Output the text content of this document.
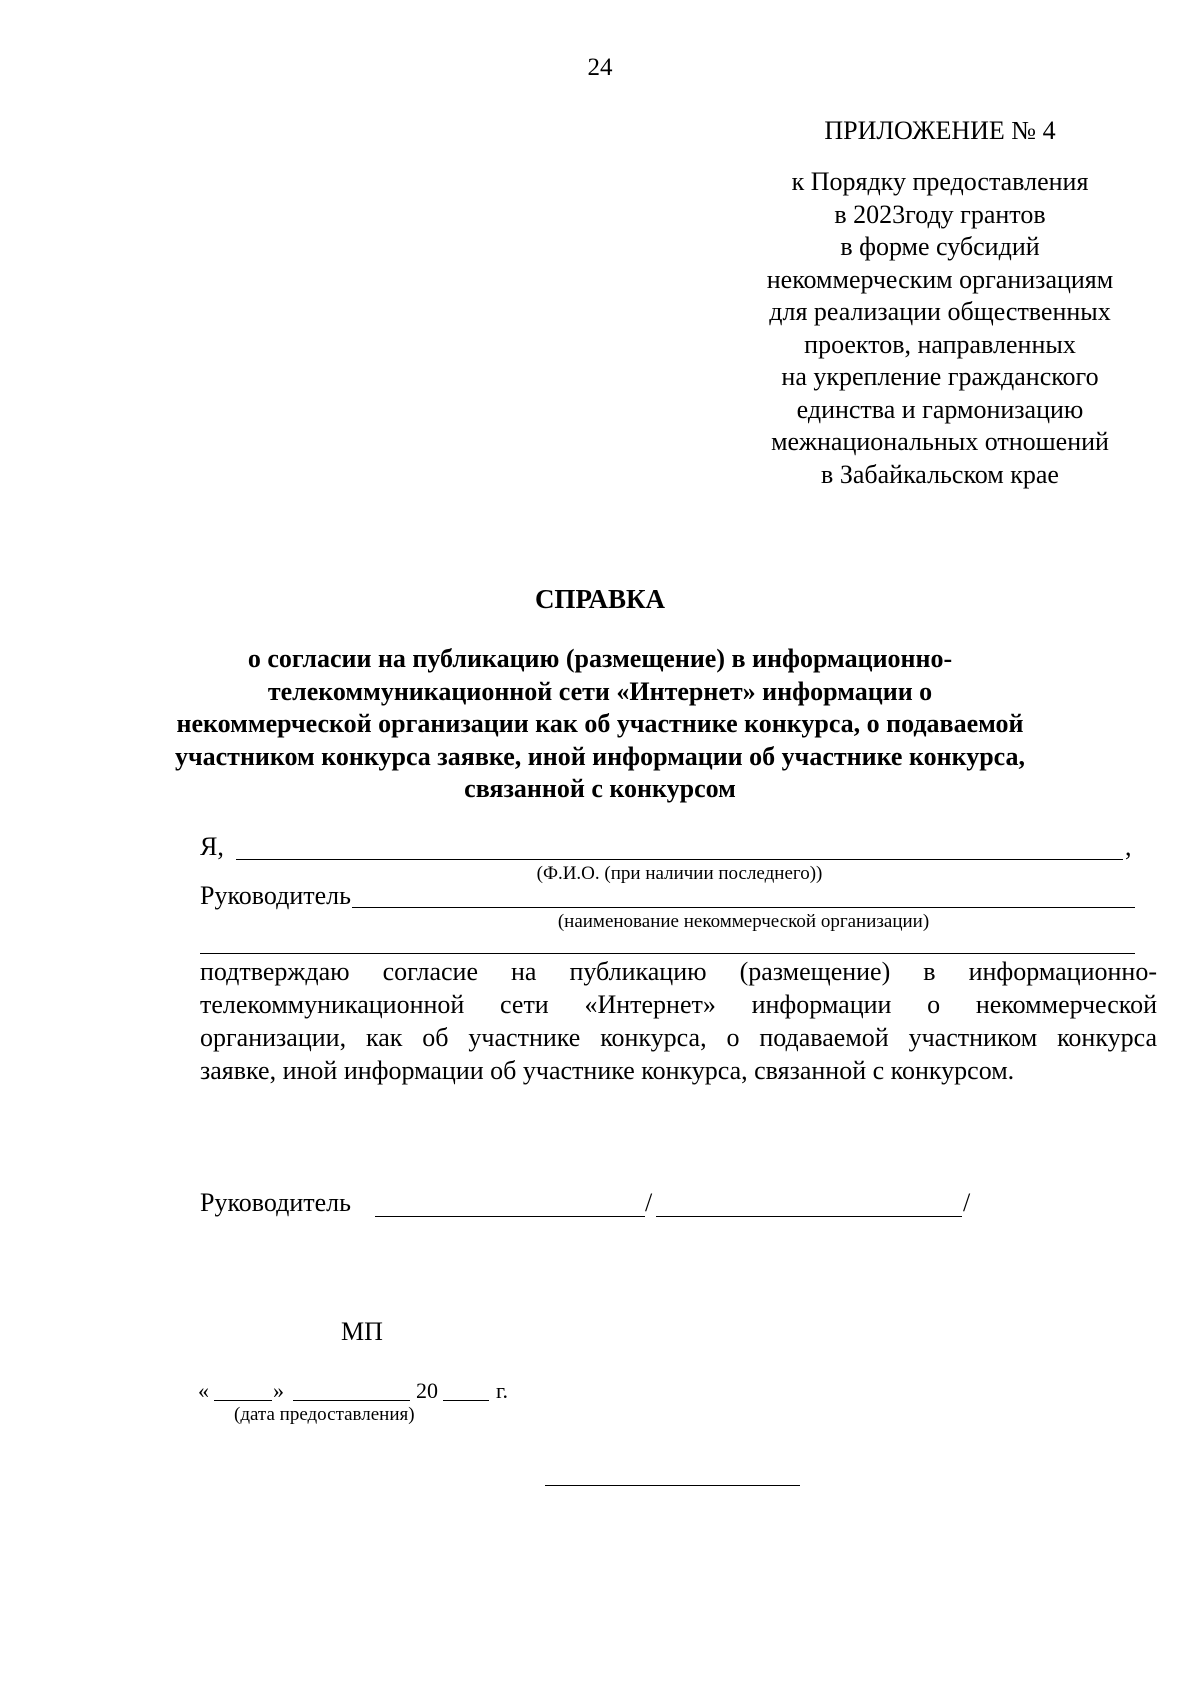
24
ПРИЛОЖЕНИЕ № 4
к Порядку предоставления
в 2023году грантов
в форме субсидий
некоммерческим организациям
для реализации общественных
проектов, направленных
на укрепление гражданского
единства и гармонизацию
межнациональных отношений
в Забайкальском крае
СПРАВКА
о согласии на публикацию (размещение) в информационно-
телекоммуникационной сети «Интернет» информации о
некоммерческой организации как об участнике конкурса, о подаваемой
участником конкурса заявке, иной информации об участнике конкурса,
связанной с конкурсом
Я,	,
(Ф.И.О. (при наличии последнего))
Руководитель
(наименование некоммерческой организации)
подтверждаю согласие на публикацию (размещение) в информационно-
телекоммуникационной сети «Интернет» информации о некоммерческой
организации, как об участнике конкурса, о подаваемой участником конкурса
заявке, иной информации об участнике конкурса, связанной с конкурсом.
Руководитель	/	/
МП
«	»	20	г.
(дата предоставления)
